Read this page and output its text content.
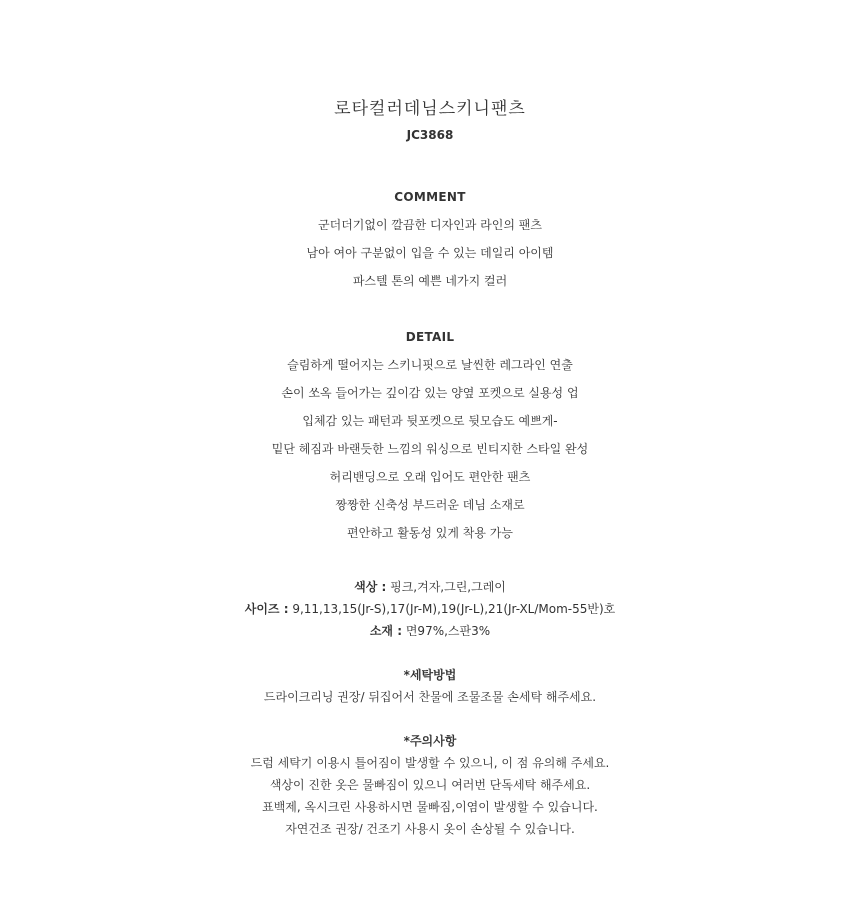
로타컬러데님스키니팬츠
JC3868
COMMENT
군더더기없이 깔끔한 디자인과 라인의 팬츠
남아 여아 구분없이 입을 수 있는 데일리 아이템
파스텔 톤의 예쁜 네가지 컬러
DETAIL
슬림하게 떨어지는 스키니핏으로 날씬한 레그라인 연출
손이 쏘옥 들어가는 깊이감 있는 양옆 포켓으로 실용성 업
입체감 있는 패턴과 뒷포켓으로 뒷모습도 예쁘게-
밑단 헤짐과 바랜듯한 느낌의 워싱으로 빈티지한 스타일 완성
허리밴딩으로 오래 입어도 편안한 팬츠
짱짱한 신축성 부드러운 데님 소재로
편안하고 활동성 있게 착용 가능
색상 : 핑크,겨자,그린,그레이
사이즈 : 9,11,13,15(Jr-S),17(Jr-M),19(Jr-L),21(Jr-XL/Mom-55반)호
소재 : 면97%,스판3%
*세탁방법
드라이크리닝 권장/ 뒤집어서 찬물에 조물조물 손세탁 해주세요.
*주의사항
드럼 세탁기 이용시 틀어짐이 발생할 수 있으니, 이 점 유의해 주세요.
색상이 진한 옷은 물빠짐이 있으니 여러번 단독세탁 해주세요.
표백제, 옥시크린 사용하시면 물빠짐,이염이 발생할 수 있습니다.
자연건조 권장/ 건조기 사용시 옷이 손상될 수 있습니다.
